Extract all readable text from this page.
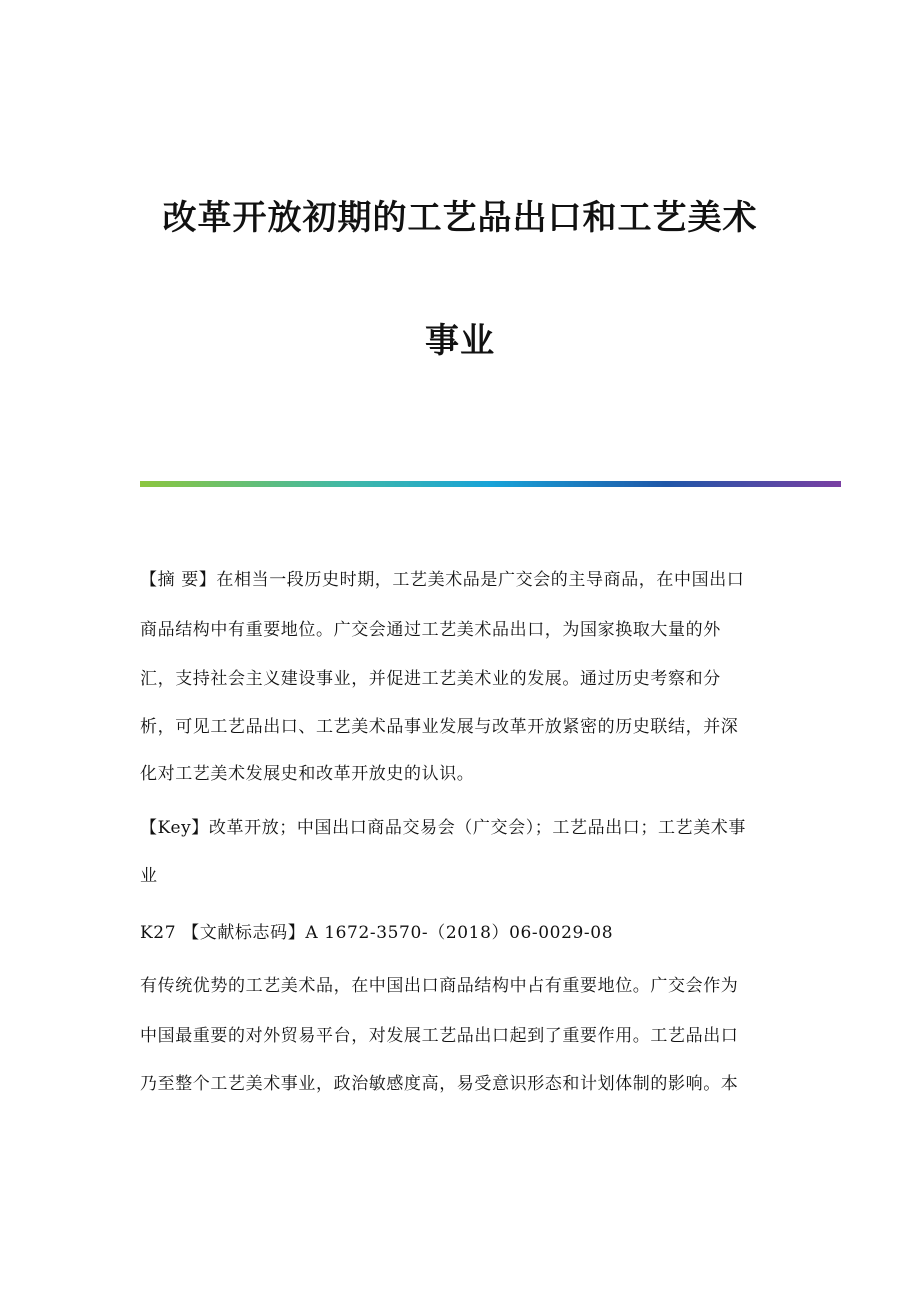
改革开放初期的工艺品出口和工艺美术
事业
【摘 要】在相当一段历史时期，工艺美术品是广交会的主导商品，在中国出口
商品结构中有重要地位。广交会通过工艺美术品出口，为国家换取大量的外
汇，支持社会主义建设事业，并促进工艺美术业的发展。通过历史考察和分
析，可见工艺品出口、工艺美术品事业发展与改革开放紧密的历史联结，并深
化对工艺美术发展史和改革开放史的认识。
【Key】改革开放；中国出口商品交易会（广交会）；工艺品出口；工艺美术事
业
K27 【文献标志码】A 1672-3570-（2018）06-0029-08
有传统优势的工艺美术品，在中国出口商品结构中占有重要地位。广交会作为
中国最重要的对外贸易平台，对发展工艺品出口起到了重要作用。工艺品出口
乃至整个工艺美术事业，政治敏感度高，易受意识形态和计划体制的影响。本
